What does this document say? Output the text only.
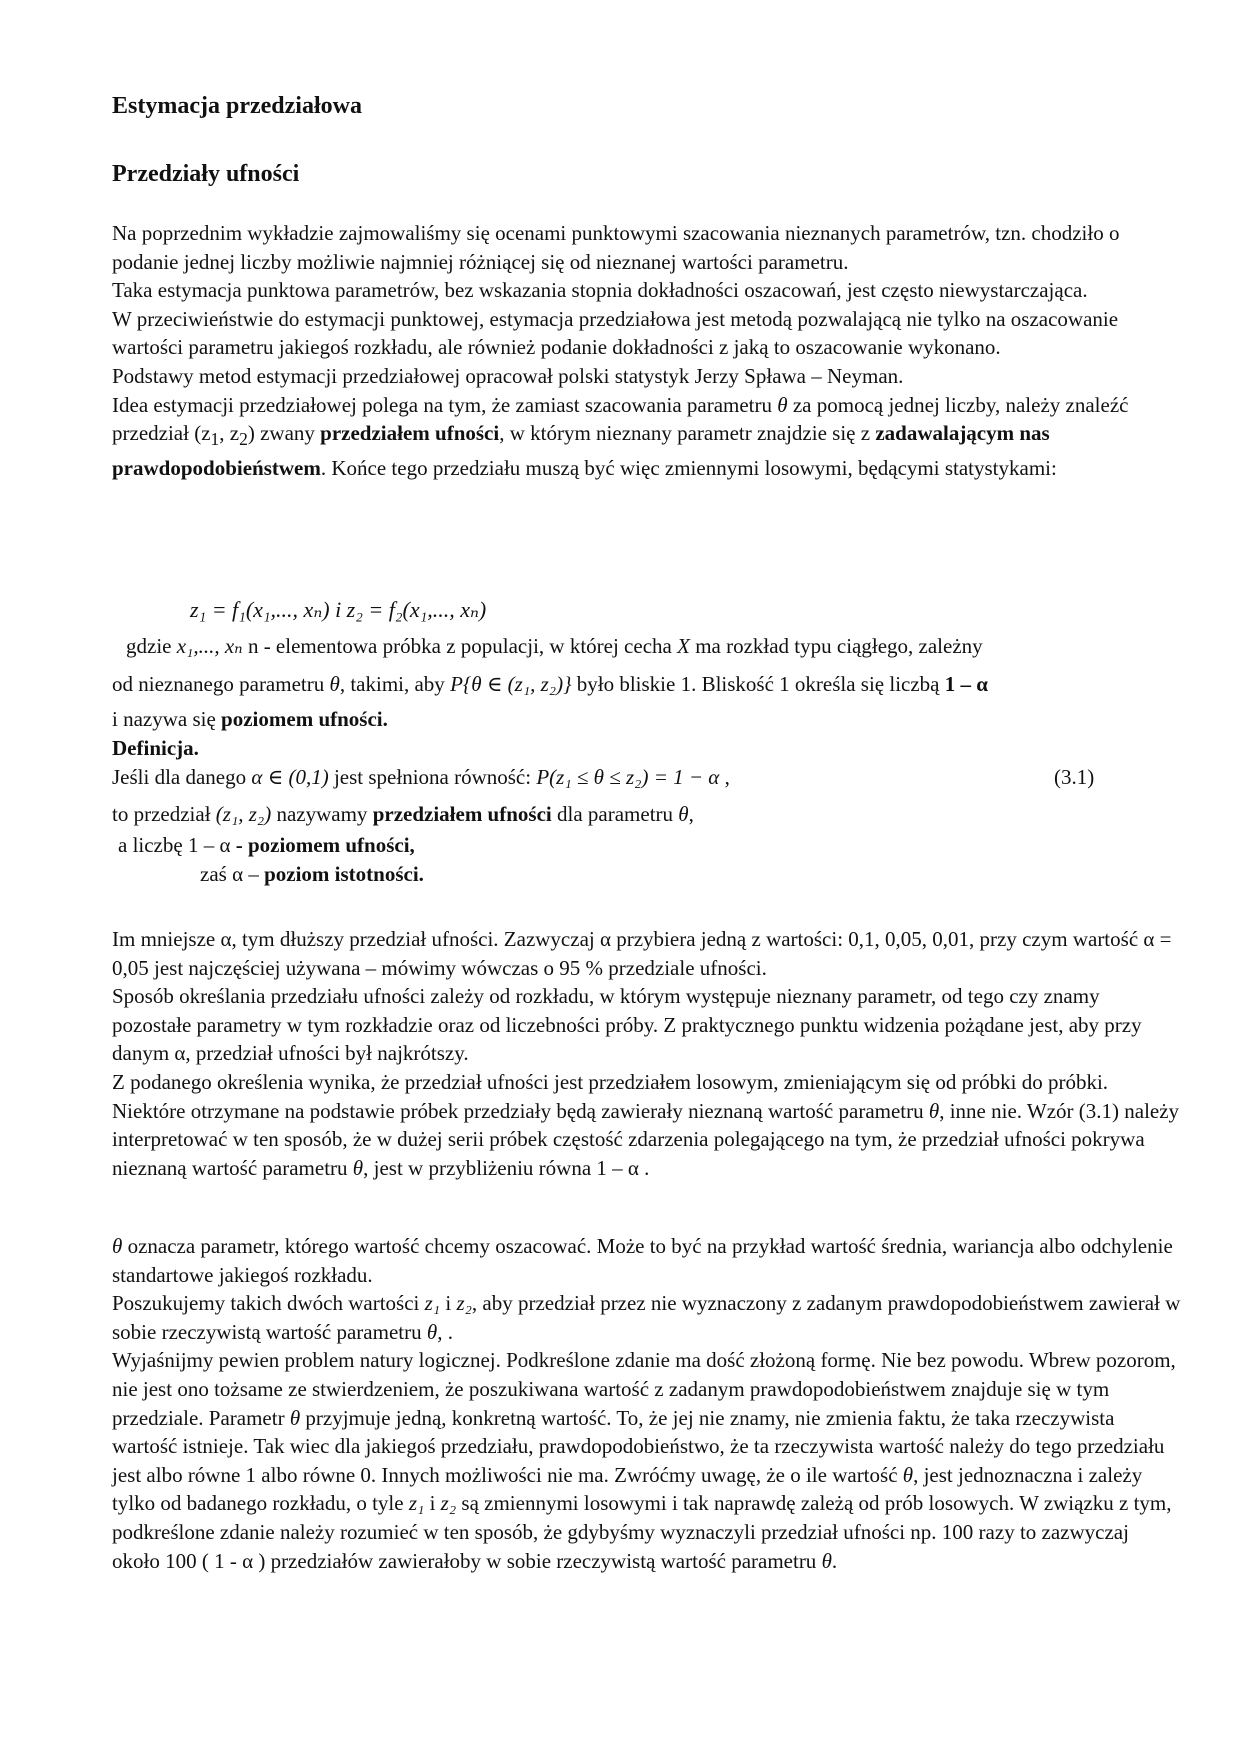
Estymacja przedziałowa
Przedziały ufności

Na poprzednim wykładzie zajmowaliśmy się ocenami punktowymi szacowania nieznanych parametrów, tzn. chodziło o podanie jednej liczby możliwie najmniej różniącej się od nieznanej wartości parametru.

Taka estymacja punktowa parametrów, bez wskazania stopnia dokładności oszacowań, jest często niewystarczająca.

W przeciwieństwie do estymacji punktowej, estymacja przedziałowa jest metodą pozwalającą nie tylko na oszacowanie wartości parametru jakiegoś rozkładu, ale również podanie dokładności z jaką to oszacowanie wykonano.

Podstawy metod estymacji przedziałowej opracował polski statystyk Jerzy Spława – Neyman.

Idea estymacji przedziałowej polega na tym, że zamiast szacowania parametru θ za pomocą jednej liczby, należy znaleźć przedział ($z_1$, $z_2$) zwany przedziałem ufności, w którym nieznany parametr znajdzie się z zadawalającym nas prawdopodobieństwem. Końce tego przedziału muszą być więc zmiennymi losowymi, będącymi statystykami:

z₁ = f₁(x₁,..., xₙ) i z₂ = f₂(x₁,..., xₙ)
gdzie x₁,..., xₙ n - elementowa próbka z populacji, w której cecha X ma rozkład typu ciągłego, zależny
od nieznanego parametru θ, takimi, aby P{θ ∈ (z₁, z₂)} było bliskie 1. Bliskość 1 określa się liczbą 1 – α
i nazywa się poziomem ufności.
Definicja.
Jeśli dla danego α ∈ (0,1) jest spełniona równość: P(z₁ ≤ θ ≤ z₂) = 1 − α ,	(3.1)
to przedział (z₁, z₂) nazywamy przedziałem ufności dla parametru θ,
a liczbę 1 – α - poziomem ufności,
zaś α – poziom istotności.

Im mniejsze α, tym dłuższy przedział ufności. Zazwyczaj α przybiera jedną z wartości: 0,1, 0,05, 0,01, przy czym wartość α = 0,05 jest najczęściej używana – mówimy wówczas o 95 % przedziale ufności.

Sposób określania przedziału ufności zależy od rozkładu, w którym występuje nieznany parametr, od tego czy znamy pozostałe parametry w tym rozkładzie oraz od liczebności próby. Z praktycznego punktu widzenia pożądane jest, aby przy danym α, przedział ufności był najkrótszy.

Z podanego określenia wynika, że przedział ufności jest przedziałem losowym, zmieniającym się od próbki do próbki. Niektóre otrzymane na podstawie próbek przedziały będą zawierały nieznaną wartość parametru θ, inne nie. Wzór (3.1) należy interpretować w ten sposób, że w dużej serii próbek częstość zdarzenia polegającego na tym, że przedział ufności pokrywa nieznaną wartość parametru θ, jest w przybliżeniu równa 1 – α .

θ oznacza parametr, którego wartość chcemy oszacować. Może to być na przykład wartość średnia, wariancja albo odchylenie standartowe jakiegoś rozkładu.

Poszukujemy takich dwóch wartości z₁ i z₂, aby przedział przez nie wyznaczony z zadanym prawdopodobieństwem zawierał w sobie rzeczywistą wartość parametru θ, .

Wyjaśnijmy pewien problem natury logicznej. Podkreślone zdanie ma dość złożoną formę. Nie bez powodu. Wbrew pozorom, nie jest ono tożsame ze stwierdzeniem, że poszukiwana wartość z zadanym prawdopodobieństwem znajduje się w tym przedziale. Parametr θ przyjmuje jedną, konkretną wartość. To, że jej nie znamy, nie zmienia faktu, że taka rzeczywista wartość istnieje. Tak wiec dla jakiegoś przedziału, prawdopodobieństwo, że ta rzeczywista wartość należy do tego przedziału jest albo równe 1 albo równe 0. Innych możliwości nie ma. Zwróćmy uwagę, że o ile wartość θ, jest jednoznaczna i zależy tylko od badanego rozkładu, o tyle z₁ i z₂ są zmiennymi losowymi i tak naprawdę zależą od prób losowych. W związku z tym, podkreślone zdanie należy rozumieć w ten sposób, że gdybyśmy wyznaczyli przedział ufności np. 100 razy to zazwyczaj około 100 ( 1 - α ) przedziałów zawierałoby w sobie rzeczywistą wartość parametru θ.
